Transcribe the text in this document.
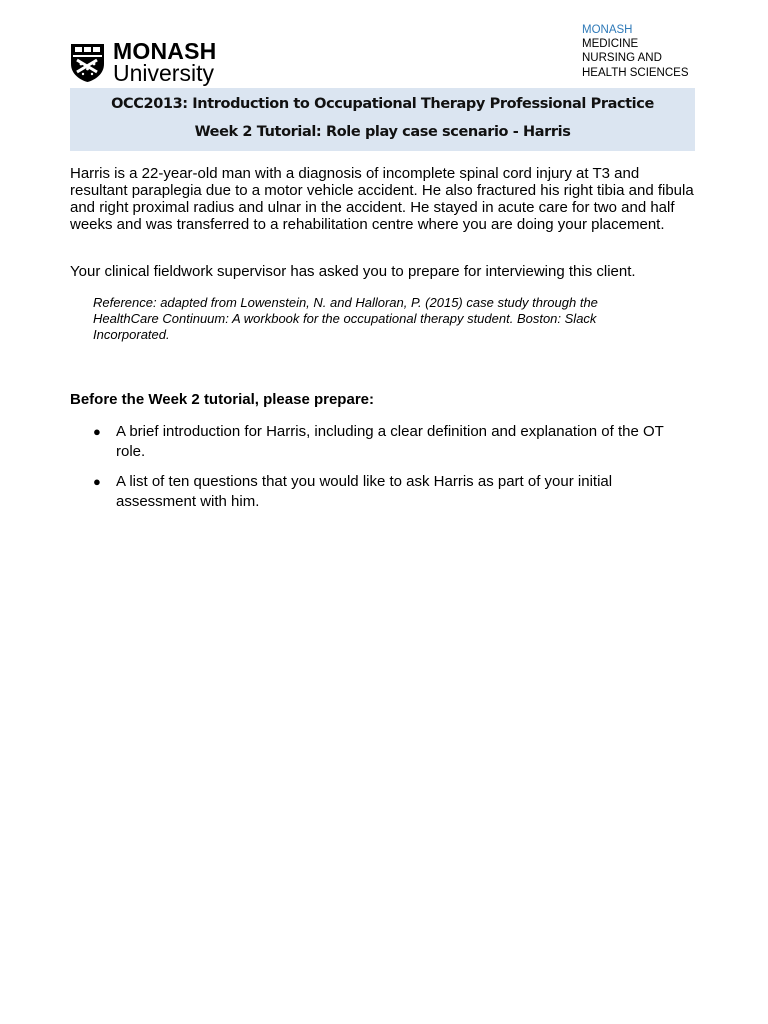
MONASH
MEDICINE
NURSING AND
HEALTH SCIENCES
MONASH
University
OCC2013: Introduction to Occupational Therapy Professional Practice
Week 2 Tutorial: Role play case scenario - Harris

Harris is a 22-year-old man with a diagnosis of incomplete spinal cord injury at T3 and resultant paraplegia due to a motor vehicle accident. He also fractured his right tibia and fibula and right proximal radius and ulnar in the accident. He stayed in acute care for two and half weeks and was transferred to a rehabilitation centre where you are doing your placement.

Your clinical fieldwork supervisor has asked you to prepare for interviewing this client.

Reference: adapted from Lowenstein, N. and Halloran, P. (2015) case study through the HealthCare Continuum: A workbook for the occupational therapy student. Boston: Slack Incorporated.

Before the Week 2 tutorial, please prepare:

● A brief introduction for Harris, including a clear definition and explanation of the OT role.
● A list of ten questions that you would like to ask Harris as part of your initial assessment with him.
